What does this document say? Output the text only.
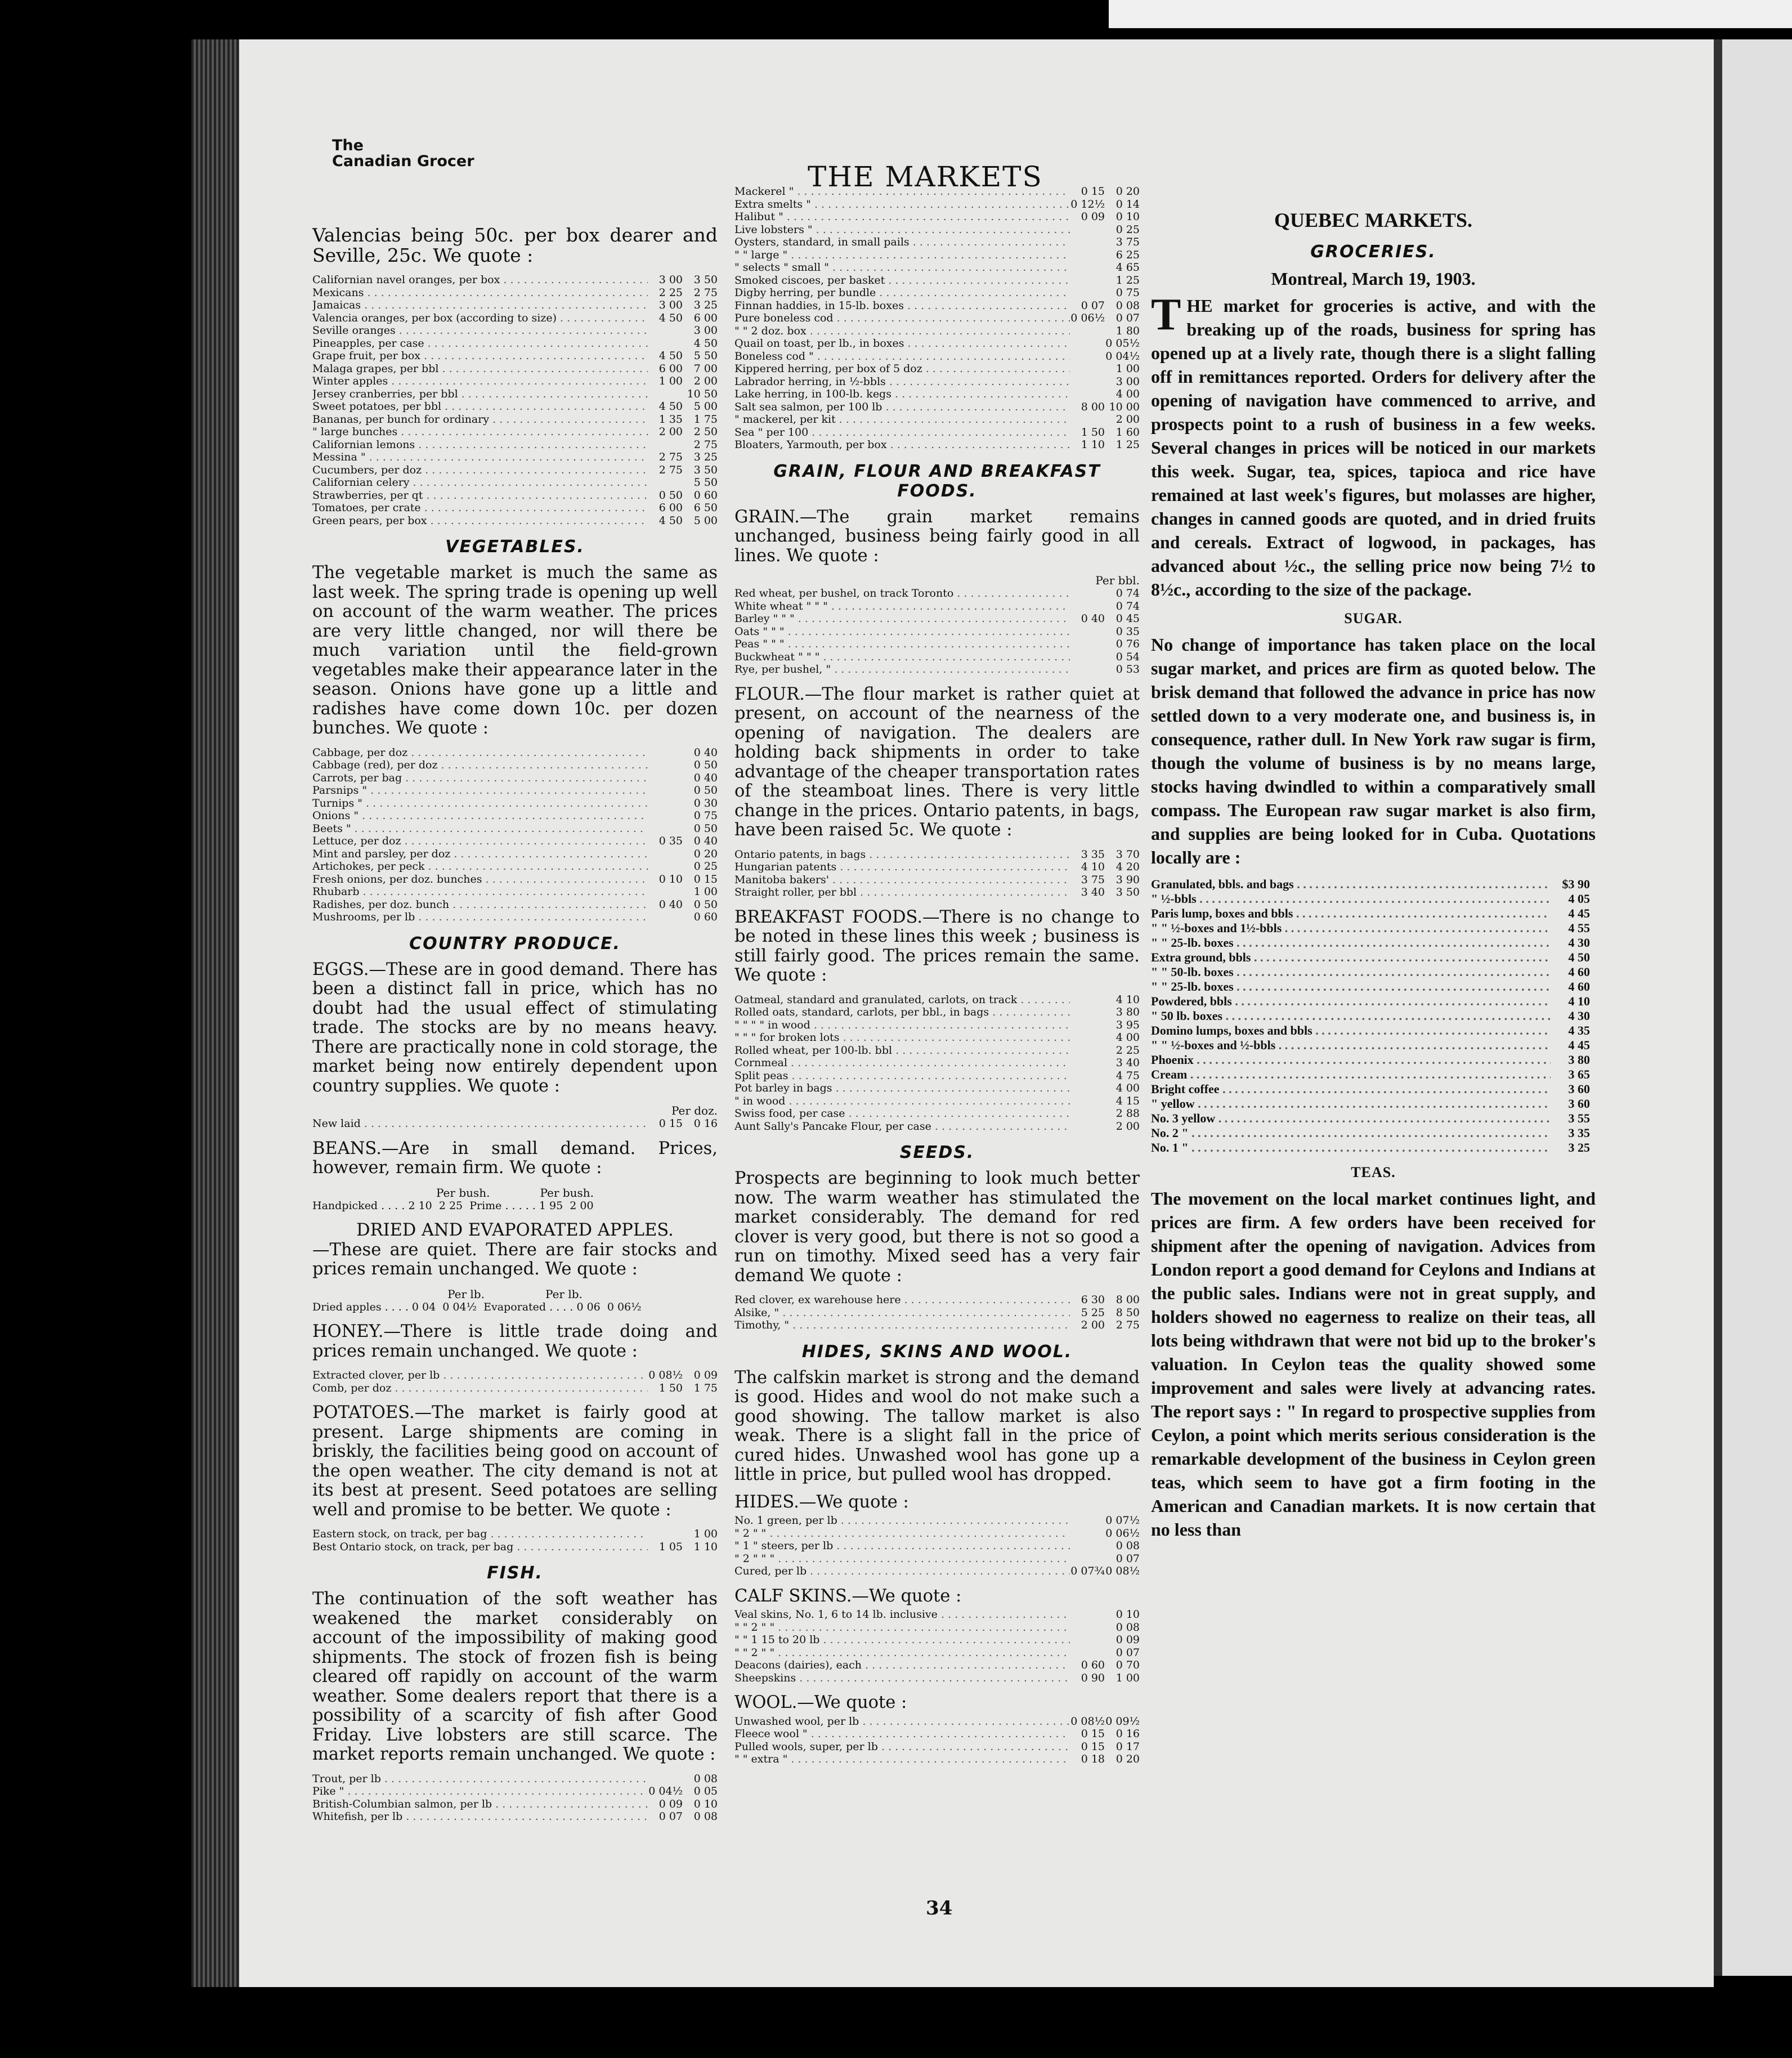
The
Canadian Grocer	THE MARKETS

Valencias being 50c. per box dearer and Seville, 25c. We quote :

Californian navel oranges, per box . . .	3 00	3 50
Mexicans . . .	2 25	2 75
Jamaicas . . .	3 00	3 25
Valencia oranges, per box (according to size) . . .	4 50	6 00
Seville oranges . . .	3 00
Pineapples, per case . . .	4 50
Grape fruit, per box . . .	4 50	5 50
Malaga grapes, per bbl . . .	6 00	7 00
Winter apples . . .	1 00	2 00
Jersey cranberries, per bbl . . .	10 50
Sweet potatoes, per bbl . . .	4 50	5 00
Bananas, per bunch for ordinary . . .	1 35	1 75
" large bunches . . .	2 00	2 50
Californian lemons . . .	2 75
Messina " . . .	2 75	3 25
Cucumbers, per doz . . .	2 75	3 50
Californian celery . . .	5 50
Strawberries, per qt . . .	0 50	0 60
Tomatoes, per crate . . .	6 00	6 50
Green pears, per box . . .	4 50	5 00
VEGETABLES.

The vegetable market is much the same as last week. The spring trade is opening up well on account of the warm weather. The prices are very little changed, nor will there be much variation until the field-grown vegetables make their appearance later in the season. Onions have gone up a little and radishes have come down 10c. per dozen bunches. We quote :

Cabbage, per doz . . .	0 40
Cabbage (red), per doz . . .	0 50
Carrots, per bag . . .	0 40
Parsnips " . . .	0 50
Turnips " . . .	0 30
Onions " . . .	0 75
Beets " . . .	0 50
Lettuce, per doz . . .	0 35	0 40
Mint and parsley, per doz . . .	0 20
Artichokes, per peck . . .	0 25
Fresh onions, per doz. bunches . . .	0 10	0 15
Rhubarb . . .	1 00
Radishes, per doz. bunch . . .	0 40	0 50
Mushrooms, per lb . . .	0 60
COUNTRY PRODUCE.

EGGS.—These are in good demand. There has been a distinct fall in price, which has no doubt had the usual effect of stimulating trade. The stocks are by no means heavy. There are practically none in cold storage, the market being now entirely dependent upon country supplies. We quote :

Per doz.
New laid . . .	0 15	0 16

BEANS.—Are in small demand. Prices, however, remain firm. We quote :

Per bush.              Per bush.
Handpicked . . . . 2 10  2 25  Prime . . . . . 1 95  2 00

DRIED AND EVAPORATED APPLES.

—These are quiet. There are fair stocks and prices remain unchanged. We quote :

Per lb.                 Per lb.
Dried apples . . . . 0 04  0 04½  Evaporated . . . . 0 06  0 06½

HONEY.—There is little trade doing and prices remain unchanged. We quote :

Extracted clover, per lb . . .	0 08½	0 09
Comb, per doz . . .	1 50	1 75

POTATOES.—The market is fairly good at present. Large shipments are coming in briskly, the facilities being good on account of the open weather. The city demand is not at its best at present. Seed potatoes are selling well and promise to be better. We quote :

Eastern stock, on track, per bag . . .	1 00
Best Ontario stock, on track, per bag . . .	1 05	1 10
FISH.

The continuation of the soft weather has weakened the market considerably on account of the impossibility of making good shipments. The stock of frozen fish is being cleared off rapidly on account of the warm weather. Some dealers report that there is a possibility of a scarcity of fish after Good Friday. Live lobsters are still scarce. The market reports remain unchanged. We quote :

Trout, per lb . . .	0 08
Pike " . . .	0 04½	0 05
British-Columbian salmon, per lb . . .	0 09	0 10
Whitefish, per lb . . .	0 07	0 08
Mackerel " . . .	0 15	0 20
Extra smelts " . . .	0 12½	0 14
Halibut " . . .	0 09	0 10
Live lobsters " . . .	0 25
Oysters, standard, in small pails . . .	3 75
" " large " . . .	6 25
" selects " small " . . .	4 65
Smoked ciscoes, per basket . . .	1 25
Digby herring, per bundle . . .	0 75
Finnan haddies, in 15-lb. boxes . . .	0 07	0 08
Pure boneless cod . . .	0 06½	0 07
" " 2 doz. box . . .	1 80
Quail on toast, per lb., in boxes . . .	0 05½
Boneless cod " . . .	0 04½
Kippered herring, per box of 5 doz . . .	1 00
Labrador herring, in ½-bbls . . .	3 00
Lake herring, in 100-lb. kegs . . .	4 00
Salt sea salmon, per 100 lb . . .	8 00 10 00
" mackerel, per kit . . .	2 00
Sea " per 100 . . .	1 50	1 60
Bloaters, Yarmouth, per box . . .	1 10	1 25
GRAIN, FLOUR AND BREAKFAST FOODS.

GRAIN.—The grain market remains unchanged, business being fairly good in all lines. We quote :

Per bbl.
Red wheat, per bushel, on track Toronto . . .	0 74
White wheat " " " . . .	0 74
Barley " " " . . .	0 40	0 45
Oats " " " . . .	0 35
Peas " " " . . .	0 76
Buckwheat " " " . . .	0 54
Rye, per bushel, " . . .	0 53

FLOUR.—The flour market is rather quiet at present, on account of the nearness of the opening of navigation. The dealers are holding back shipments in order to take advantage of the cheaper transportation rates of the steamboat lines. There is very little change in the prices. Ontario patents, in bags, have been raised 5c. We quote :

Ontario patents, in bags . . .	3 35	3 70
Hungarian patents . . .	4 10	4 20
Manitoba bakers' . . .	3 75	3 90
Straight roller, per bbl . . .	3 40	3 50

BREAKFAST FOODS.—There is no change to be noted in these lines this week ; business is still fairly good. The prices remain the same. We quote :

Oatmeal, standard and granulated, carlots, on track . . .	4 10
Rolled oats, standard, carlots, per bbl., in bags . . .	3 80
" " " " in wood . . .	3 95
" " " for broken lots . . .	4 00
Rolled wheat, per 100-lb. bbl . . .	2 25
Cornmeal . . .	3 40
Split peas . . .	4 75
Pot barley in bags . . .	4 00
" in wood . . .	4 15
Swiss food, per case . . .	2 88
Aunt Sally's Pancake Flour, per case . . .	2 00
SEEDS.

Prospects are beginning to look much better now. The warm weather has stimulated the market considerably. The demand for red clover is very good, but there is not so good a run on timothy. Mixed seed has a very fair demand We quote :

Red clover, ex warehouse here . . .	6 30	8 00
Alsike, " . . .	5 25	8 50
Timothy, " . . .	2 00	2 75
HIDES, SKINS AND WOOL.

The calfskin market is strong and the demand is good. Hides and wool do not make such a good showing. The tallow market is also weak. There is a slight fall in the price of cured hides. Unwashed wool has gone up a little in price, but pulled wool has dropped.

HIDES.—We quote :

No. 1 green, per lb . . .	0 07½
" 2 " " . . .	0 06½
" 1 " steers, per lb . . .	0 08
" 2 " " " . . .	0 07
Cured, per lb . . .	0 07¾ 0 08½

CALF SKINS.—We quote :

Veal skins, No. 1, 6 to 14 lb. inclusive . . .	0 10
" " 2 " " . . .	0 08
" " 1 15 to 20 lb . . .	0 09
" " 2 " " . . .	0 07
Deacons (dairies), each . . .	0 60	0 70
Sheepskins . . .	0 90	1 00

WOOL.—We quote :

Unwashed wool, per lb . . .	0 08½ 0 09½
Fleece wool " . . .	0 15	0 16
Pulled wools, super, per lb . . .	0 15	0 17
" " extra " . . .	0 18	0 20
QUEBEC MARKETS.
GROCERIES.
Montreal, March 19, 1903.

T HE market for groceries is active, and with the breaking up of the roads, business for spring has opened up at a lively rate, though there is a slight falling off in remittances reported. Orders for delivery after the opening of navigation have commenced to arrive, and prospects point to a rush of business in a few weeks. Several changes in prices will be noticed in our markets this week. Sugar, tea, spices, tapioca and rice have remained at last week's figures, but molasses are higher, changes in canned goods are quoted, and in dried fruits and cereals. Extract of logwood, in packages, has advanced about ½c., the selling price now being 7½ to 8½c., according to the size of the package.

SUGAR.

No change of importance has taken place on the local sugar market, and prices are firm as quoted below. The brisk demand that followed the advance in price has now settled down to a very moderate one, and business is, in consequence, rather dull. In New York raw sugar is firm, though the volume of business is by no means large, stocks having dwindled to within a comparatively small compass. The European raw sugar market is also firm, and supplies are being looked for in Cuba. Quotations locally are :

Granulated, bbls. and bags . . .	$3 90
" ½-bbls . . .	4 05
Paris lump, boxes and bbls . . .	4 45
" " ½-boxes and 1½-bbls . . .	4 55
" " 25-lb. boxes . . .	4 30
Extra ground, bbls . . .	4 50
" " 50-lb. boxes . . .	4 60
" " 25-lb. boxes . . .	4 60
Powdered, bbls . . .	4 10
" 50 lb. boxes . . .	4 30
Domino lumps, boxes and bbls . . .	4 35
" " ½-boxes and ½-bbls . . .	4 45
Phoenix . . .	3 80
Cream . . .	3 65
Bright coffee . . .	3 60
" yellow . . .	3 60
No. 3 yellow . . .	3 55
No. 2 " . . .	3 35
No. 1 " . . .	3 25
TEAS.

The movement on the local market continues light, and prices are firm. A few orders have been received for shipment after the opening of navigation. Advices from London report a good demand for Ceylons and Indians at the public sales. Indians were not in great supply, and holders showed no eagerness to realize on their teas, all lots being withdrawn that were not bid up to the broker's valuation. In Ceylon teas the quality showed some improvement and sales were lively at advancing rates. The report says : " In regard to prospective supplies from Ceylon, a point which merits serious consideration is the remarkable development of the business in Ceylon green teas, which seem to have got a firm footing in the American and Canadian markets. It is now certain that no less than

34
